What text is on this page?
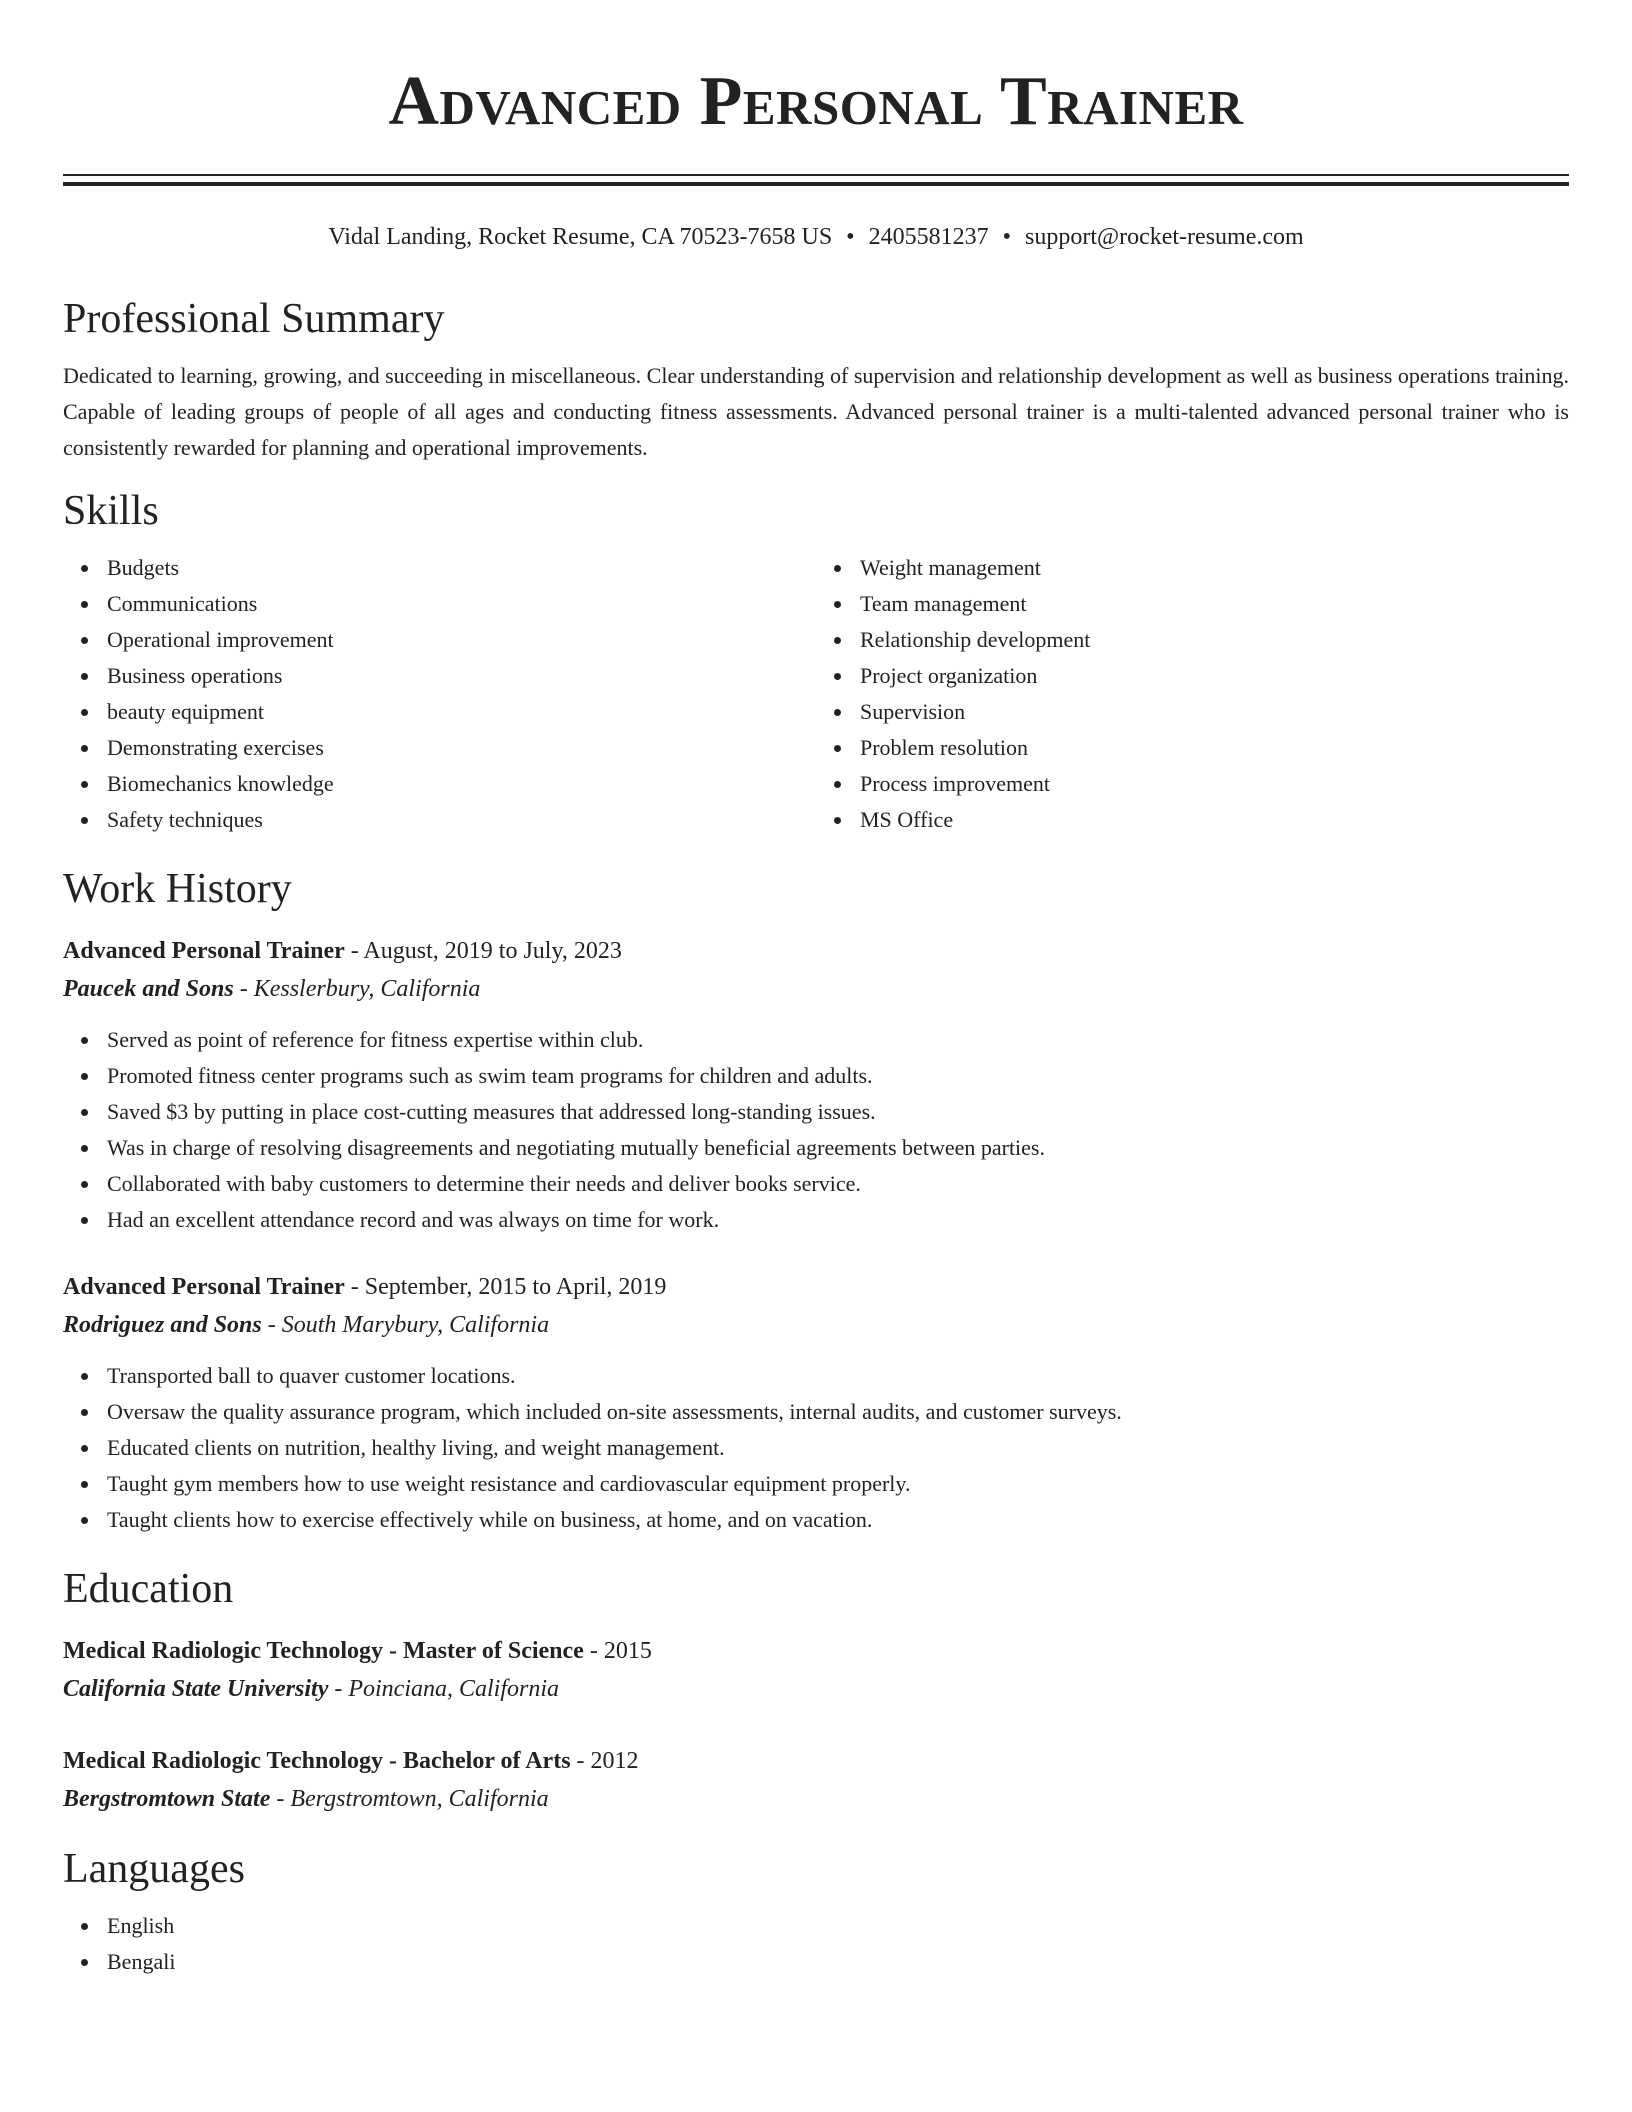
Advanced Personal Trainer
Vidal Landing, Rocket Resume, CA 70523-7658 US • 2405581237 • support@rocket-resume.com
Professional Summary

Dedicated to learning, growing, and succeeding in miscellaneous. Clear understanding of supervision and relationship development as well as business operations training. Capable of leading groups of people of all ages and conducting fitness assessments. Advanced personal trainer is a multi-talented advanced personal trainer who is consistently rewarded for planning and operational improvements.

Skills
Budgets
Communications
Operational improvement
Business operations
beauty equipment
Demonstrating exercises
Biomechanics knowledge
Safety techniques
Weight management
Team management
Relationship development
Project organization
Supervision
Problem resolution
Process improvement
MS Office
Work History
Advanced Personal Trainer - August, 2019 to July, 2023
Paucek and Sons - Kesslerbury, California
Served as point of reference for fitness expertise within club.
Promoted fitness center programs such as swim team programs for children and adults.
Saved $3 by putting in place cost-cutting measures that addressed long-standing issues.
Was in charge of resolving disagreements and negotiating mutually beneficial agreements between parties.
Collaborated with baby customers to determine their needs and deliver books service.
Had an excellent attendance record and was always on time for work.
Advanced Personal Trainer - September, 2015 to April, 2019
Rodriguez and Sons - South Marybury, California
Transported ball to quaver customer locations.
Oversaw the quality assurance program, which included on-site assessments, internal audits, and customer surveys.
Educated clients on nutrition, healthy living, and weight management.
Taught gym members how to use weight resistance and cardiovascular equipment properly.
Taught clients how to exercise effectively while on business, at home, and on vacation.
Education
Medical Radiologic Technology - Master of Science - 2015
California State University - Poinciana, California
Medical Radiologic Technology - Bachelor of Arts - 2012
Bergstromtown State - Bergstromtown, California
Languages
English
Bengali
